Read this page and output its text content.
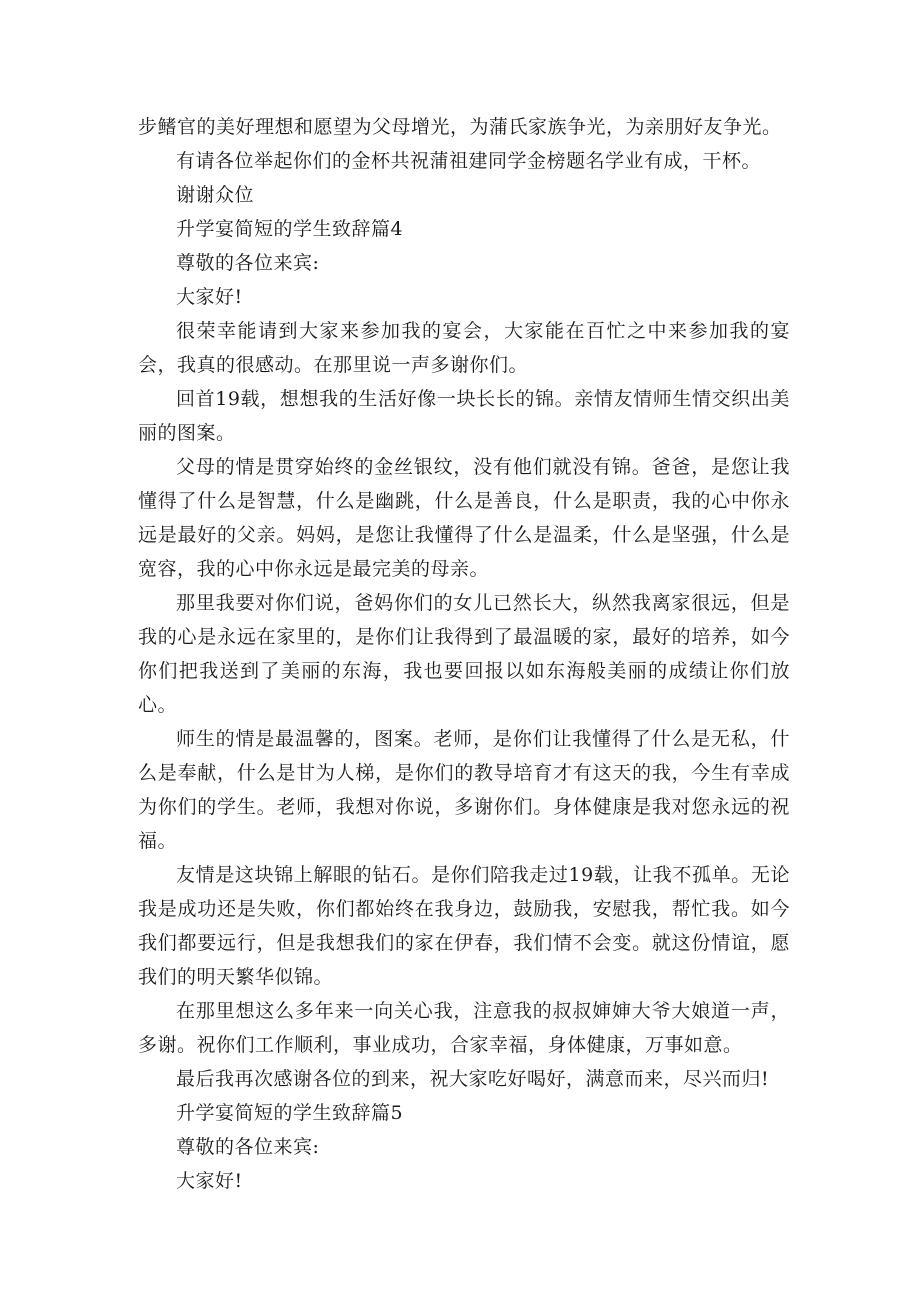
步鳍官的美好理想和愿望为父母增光，为蒲氏家族争光，为亲朋好友争光。

有请各位举起你们的金杯共祝蒲祖建同学金榜题名学业有成，干杯。

谢谢众位

升学宴简短的学生致辞篇4

尊敬的各位来宾:

大家好!

很荣幸能请到大家来参加我的宴会，大家能在百忙之中来参加我的宴会，我真的很感动。在那里说一声多谢你们。

回首19载，想想我的生活好像一块长长的锦。亲情友情师生情交织出美丽的图案。

父母的情是贯穿始终的金丝银纹，没有他们就没有锦。爸爸，是您让我懂得了什么是智慧，什么是幽跳，什么是善良，什么是职责，我的心中你永远是最好的父亲。妈妈，是您让我懂得了什么是温柔，什么是坚强，什么是宽容，我的心中你永远是最完美的母亲。

那里我要对你们说，爸妈你们的女儿已然长大，纵然我离家很远，但是我的心是永远在家里的，是你们让我得到了最温暖的家，最好的培养，如今你们把我送到了美丽的东海，我也要回报以如东海般美丽的成绩让你们放心。

师生的情是最温馨的，图案。老师，是你们让我懂得了什么是无私，什么是奉献，什么是甘为人梯，是你们的教导培育才有这天的我，今生有幸成为你们的学生。老师，我想对你说，多谢你们。身体健康是我对您永远的祝福。

友情是这块锦上解眼的钻石。是你们陪我走过19载，让我不孤单。无论我是成功还是失败，你们都始终在我身边，鼓励我，安慰我，帮忙我。如今我们都要远行，但是我想我们的家在伊春，我们情不会变。就这份情谊，愿我们的明天繁华似锦。

在那里想这么多年来一向关心我，注意我的叔叔婶婶大爷大娘道一声，多谢。祝你们工作顺利，事业成功，合家幸福，身体健康，万事如意。

最后我再次感谢各位的到来，祝大家吃好喝好，满意而来，尽兴而归!

升学宴简短的学生致辞篇5

尊敬的各位来宾:

大家好!
